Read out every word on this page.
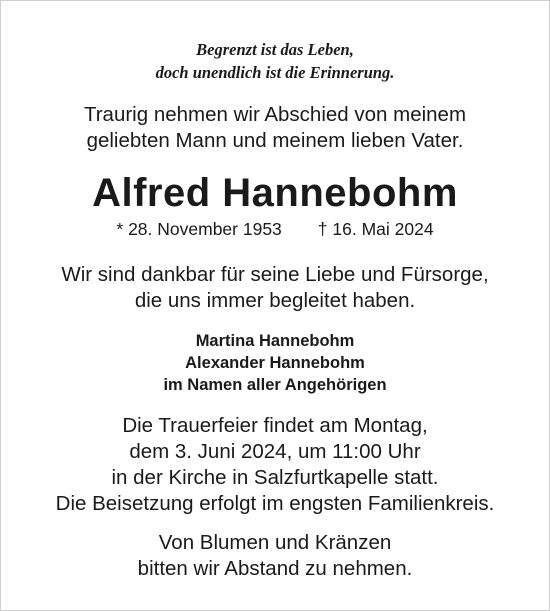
Begrenzt ist das Leben,
doch unendlich ist die Erinnerung.
Traurig nehmen wir Abschied von meinem
geliebten Mann und meinem lieben Vater.
Alfred Hannebohm
* 28. November 1953 † 16. Mai 2024
Wir sind dankbar für seine Liebe und Fürsorge,
die uns immer begleitet haben.
Martina Hannebohm
Alexander Hannebohm
im Namen aller Angehörigen
Die Trauerfeier findet am Montag,
dem 3. Juni 2024, um 11:00 Uhr
in der Kirche in Salzfurtkapelle statt.
Die Beisetzung erfolgt im engsten Familienkreis.
Von Blumen und Kränzen
bitten wir Abstand zu nehmen.
